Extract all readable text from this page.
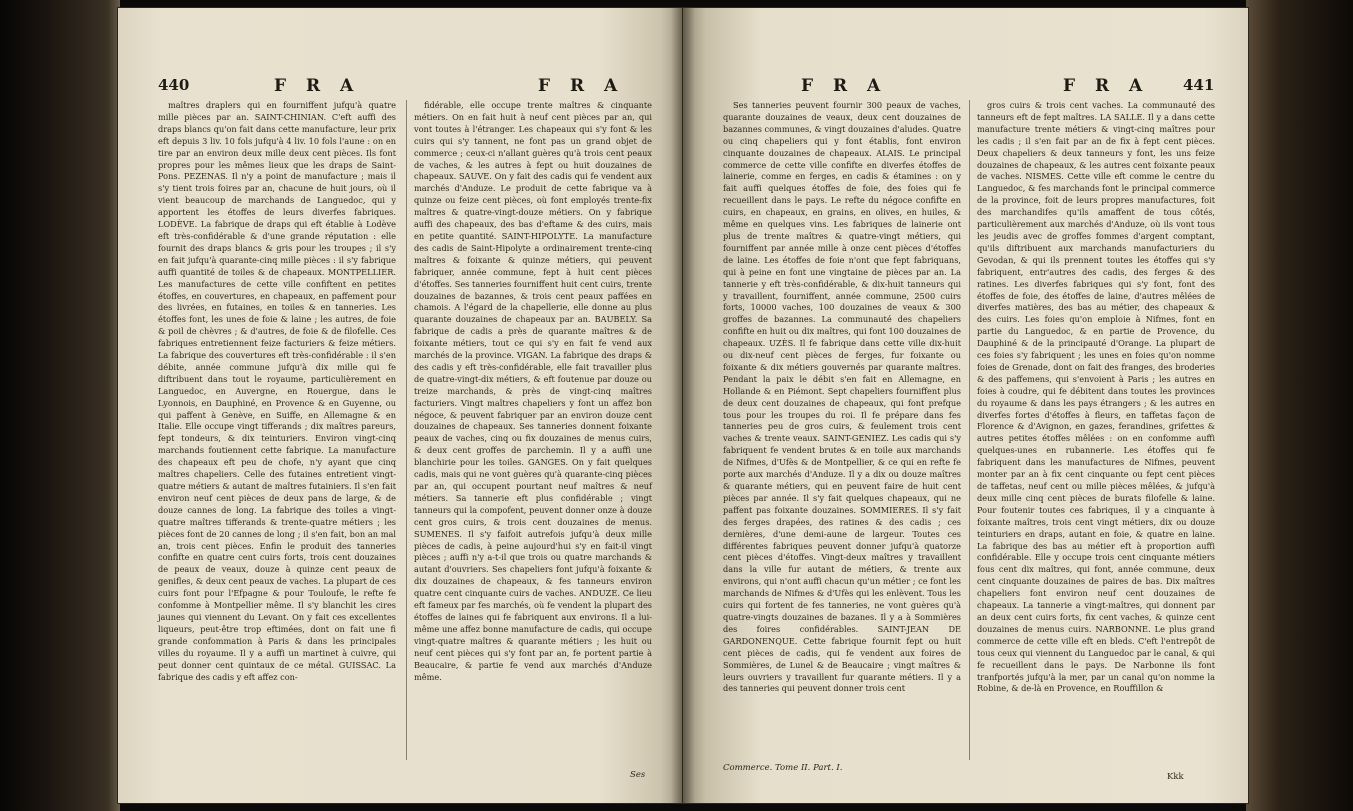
440	F R A	F R A

maîtres draplers qui en fourniffent jufqu'à quatre mille pièces par an. SAINT-CHINIAN. C'eft auffi des draps blancs qu'on fait dans cette manufacture, leur prix eft depuis 3 liv. 10 fols jufqu'à 4 liv. 10 fols l'aune : on en tire par an environ deux mille deux cent pièces. Ils font propres pour les mêmes lieux que les draps de Saint-Pons. PEZENAS. Il n'y a point de manufacture ; mais il s'y tient trois foires par an, chacune de huit jours, où il vient beaucoup de marchands de Languedoc, qui y apportent les étoffes de leurs diverfes fabriques. LODÈVE. La fabrique de draps qui eft établie à Lodève eft très-confidérable & d'une grande réputation : elle fournit des draps blancs & gris pour les troupes ; il s'y en fait jufqu'à quarante-cinq mille pièces : il s'y fabrique auffi quantité de toiles & de chapeaux. MONTPELLIER. Les manufactures de cette ville confiftent en petites étoffes, en couvertures, en chapeaux, en paffement pour des livrées, en futaines, en toiles & en tanneries. Les étoffes font, les unes de foie & laine ; les autres, de foie & poil de chèvres ; & d'autres, de foie & de filofelle. Ces fabriques entretiennent feize facturiers & feize métiers. La fabrique des couvertures eft très-confidérable : il s'en débite, année commune jufqu'à dix mille qui fe diftribuent dans tout le royaume, particulièrement en Languedoc, en Auvergne, en Rouergue, dans le Lyonnois, en Dauphiné, en Provence & en Guyenne, ou qui paffent à Genève, en Suiffe, en Allemagne & en Italie. Elle occupe vingt tifferands ; dix maîtres pareurs, fept tondeurs, & dix teinturiers. Environ vingt-cinq marchands foutiennent cette fabrique. La manufacture des chapeaux eft peu de chofe, n'y ayant que cinq maîtres chapeliers. Celle des futaines entretient vingt-quatre métiers & autant de maîtres futainiers. Il s'en fait environ neuf cent pièces de deux pans de large, & de douze cannes de long. La fabrique des toiles a vingt-quatre maîtres tifferands & trente-quatre métiers ; les pièces font de 20 cannes de long ; il s'en fait, bon an mal an, trois cent pièces. Enfin le produit des tanneries confifte en quatre cent cuirs forts, trois cent douzaines de peaux de veaux, douze à quinze cent peaux de genifles, & deux cent peaux de vaches. La plupart de ces cuirs font pour l'Efpagne & pour Touloufe, le refte fe confomme à Montpellier même. Il s'y blanchit les cires jaunes qui viennent du Levant. On y fait ces excellentes liqueurs, peut-être trop eftimées, dont on fait une fi grande confommation à Paris & dans les principales villes du royaume. Il y a auffi un martinet à cuivre, qui peut donner cent quintaux de ce métal. GUISSAC. La fabrique des cadis y eft affez con-

fidérable, elle occupe trente maîtres & cinquante métiers. On en fait huit à neuf cent pièces par an, qui vont toutes à l'étranger. Les chapeaux qui s'y font & les cuirs qui s'y tannent, ne font pas un grand objet de commerce ; ceux-ci n'allant guères qu'à trois cent peaux de vaches, & les autres à fept ou huit douzaines de chapeaux. SAUVE. On y fait des cadis qui fe vendent aux marchés d'Anduze. Le produit de cette fabrique va à quinze ou feize cent pièces, où font employés trente-fix maîtres & quatre-vingt-douze métiers. On y fabrique auffi des chapeaux, des bas d'eftame & des cuirs, mais en petite quantité. SAINT-HIPOLYTE. La manufacture des cadis de Saint-Hipolyte a ordinairement trente-cinq maîtres & foixante & quinze métiers, qui peuvent fabriquer, année commune, fept à huit cent pièces d'étoffes. Ses tanneries fourniffent huit cent cuirs, trente douzaines de bazannes, & trois cent peaux paffées en chamois. A l'égard de la chapellerie, elle donne au plus quarante douzaines de chapeaux par an. BAUBELY. Sa fabrique de cadis a près de quarante maîtres & de foixante métiers, tout ce qui s'y en fait fe vend aux marchés de la province. VIGAN. La fabrique des draps & des cadis y eft très-confidérable, elle fait travailler plus de quatre-vingt-dix métiers, & eft foutenue par douze ou treize marchands, & près de vingt-cinq maîtres facturiers. Vingt maîtres chapeliers y font un affez bon négoce, & peuvent fabriquer par an environ douze cent douzaines de chapeaux. Ses tanneries donnent foixante peaux de vaches, cinq ou fix douzaines de menus cuirs, & deux cent groffes de parchemin. Il y a auffi une blanchirie pour les toiles. GANGES. On y fait quelques cadis, mais qui ne vont guères qu'à quarante-cinq pièces par an, qui occupent pourtant neuf maîtres & neuf métiers. Sa tannerie eft plus confidérable ; vingt tanneurs qui la compofent, peuvent donner onze à douze cent gros cuirs, & trois cent douzaines de menus. SUMENES. Il s'y faifoit autrefois jufqu'à deux mille pièces de cadis, à peine aujourd'hui s'y en fait-il vingt pièces ; auffi n'y a-t-il que trois ou quatre marchands & autant d'ouvriers. Ses chapeliers font jufqu'à foixante & dix douzaines de chapeaux, & fes tanneurs environ quatre cent cinquante cuirs de vaches. ANDUZE. Ce lieu eft fameux par fes marchés, où fe vendent la plupart des étoffes de laines qui fe fabriquent aux environs. Il a lui-même une affez bonne manufacture de cadis, qui occupe vingt-quatre maîtres & quarante métiers ; les huit ou neuf cent pièces qui s'y font par an, fe portent partie à Beaucaire, & partie fe vend aux marchés d'Anduze même.

Ses
F R A	F R A 441

Ses tanneries peuvent fournir 300 peaux de vaches, quarante douzaines de veaux, deux cent douzaines de bazannes communes, & vingt douzaines d'aludes. Quatre ou cinq chapeliers qui y font établis, font environ cinquante douzaines de chapeaux. ALAIS. Le principal commerce de cette ville confifte en diverfes étoffes de lainerie, comme en ferges, en cadis & étamines : on y fait auffi quelques étoffes de foie, des foies qui fe recueillent dans le pays. Le refte du négoce confifte en cuirs, en chapeaux, en grains, en olives, en huiles, & même en quelques vins. Les fabriques de lainerie ont plus de trente maîtres & quatre-vingt métiers, qui fourniffent par année mille à onze cent pièces d'étoffes de laine. Les étoffes de foie n'ont que fept fabriquans, qui à peine en font une vingtaine de pièces par an. La tannerie y eft très-confidérable, & dix-huit tanneurs qui y travaillent, fourniffent, année commune, 2500 cuirs forts, 10000 vaches, 100 douzaines de veaux & 300 groffes de bazannes. La communauté des chapeliers confifte en huit ou dix maîtres, qui font 100 douzaines de chapeaux. UZÈS. Il fe fabrique dans cette ville dix-huit ou dix-neuf cent pièces de ferges, fur foixante ou foixante & dix métiers gouvernés par quarante maîtres. Pendant la paix le débit s'en fait en Allemagne, en Hollande & en Piémont. Sept chapeliers fourniffent plus de deux cent douzaines de chapeaux, qui font prefque tous pour les troupes du roi. Il fe prépare dans fes tanneries peu de gros cuirs, & feulement trois cent vaches & trente veaux. SAINT-GENIEZ. Les cadis qui s'y fabriquent fe vendent brutes & en toile aux marchands de Nifmes, d'Ufès & de Montpellier, & ce qui en refte fe porte aux marchés d'Anduze. Il y a dix ou douze maîtres & quarante métiers, qui en peuvent faire de huit cent pièces par année. Il s'y fait quelques chapeaux, qui ne paffent pas foixante douzaines. SOMMIERES. Il s'y fait des ferges drapées, des ratines & des cadis ; ces dernières, d'une demi-aune de largeur. Toutes ces différentes fabriques peuvent donner jufqu'à quatorze cent pièces d'étoffes. Vingt-deux maîtres y travaillent dans la ville fur autant de métiers, & trente aux environs, qui n'ont auffi chacun qu'un métier ; ce font les marchands de Nifmes & d'Ufès qui les enlèvent. Tous les cuirs qui fortent de fes tanneries, ne vont guères qu'à quatre-vingts douzaines de bazanes. Il y a à Sommières des foires confidérables. SAINT-JEAN DE GARDONENQUE. Cette fabrique fournit fept ou huit cent pièces de cadis, qui fe vendent aux foires de Sommières, de Lunel & de Beaucaire ; vingt maîtres & leurs ouvriers y travaillent fur quarante métiers. Il y a des tanneries qui peuvent donner trois cent

gros cuirs & trois cent vaches. La communauté des tanneurs eft de fept maîtres. LA SALLE. Il y a dans cette manufacture trente métiers & vingt-cinq maîtres pour les cadis ; il s'en fait par an de fix à fept cent pièces. Deux chapeliers & deux tanneurs y font, les uns feize douzaines de chapeaux, & les autres cent foixante peaux de vaches. NISMES. Cette ville eft comme le centre du Languedoc, & fes marchands font le principal commerce de la province, foit de leurs propres manufactures, foit des marchandifes qu'ils amaffent de tous côtés, particulièrement aux marchés d'Anduze, où ils vont tous les jeudis avec de groffes fommes d'argent comptant, qu'ils diftribuent aux marchands manufacturiers du Gevodan, & qui ils prennent toutes les étoffes qui s'y fabriquent, entr'autres des cadis, des ferges & des ratines. Les diverfes fabriques qui s'y font, font des étoffes de foie, des étoffes de laine, d'autres mêlées de diverfes matières, des bas au métier, des chapeaux & des cuirs. Les foies qu'on emploie à Nifmes, font en partie du Languedoc, & en partie de Provence, du Dauphiné & de la principauté d'Orange. La plupart de ces foies s'y fabriquent ; les unes en foies qu'on nomme foies de Grenade, dont on fait des franges, des broderies & des paffemens, qui s'envoient à Paris ; les autres en foies à coudre, qui fe débitent dans toutes les provinces du royaume & dans les pays étrangers ; & les autres en diverfes fortes d'étoffes à fleurs, en taffetas façon de Florence & d'Avignon, en gazes, ferandines, grifettes & autres petites étoffes mêlées : on en confomme auffi quelques-unes en rubannerie. Les étoffes qui fe fabriquent dans les manufactures de Nifmes, peuvent monter par an à fix cent cinquante ou fept cent pièces de taffetas, neuf cent ou mille pièces mêlées, & jufqu'à deux mille cinq cent pièces de burats filofelle & laine. Pour foutenir toutes ces fabriques, il y a cinquante à foixante maîtres, trois cent vingt métiers, dix ou douze teinturiers en draps, autant en foie, & quatre en laine. La fabrique des bas au métier eft à proportion auffi confidérable. Elle y occupe trois cent cinquante métiers fous cent dix maîtres, qui font, année commune, deux cent cinquante douzaines de paires de bas. Dix maîtres chapeliers font environ neuf cent douzaines de chapeaux. La tannerie a vingt-maîtres, qui donnent par an deux cent cuirs forts, fix cent vaches, & quinze cent douzaines de menus cuirs. NARBONNE. Le plus grand commerce de cette ville eft en bleds. C'eft l'entrepôt de tous ceux qui viennent du Languedoc par le canal, & qui fe recueillent dans le pays. De Narbonne ils font tranfportés jufqu'à la mer, par un canal qu'on nomme la Robine, & de-là en Provence, en Rouffillon &

Commerce. Tome II. Part. I.
Kkk
